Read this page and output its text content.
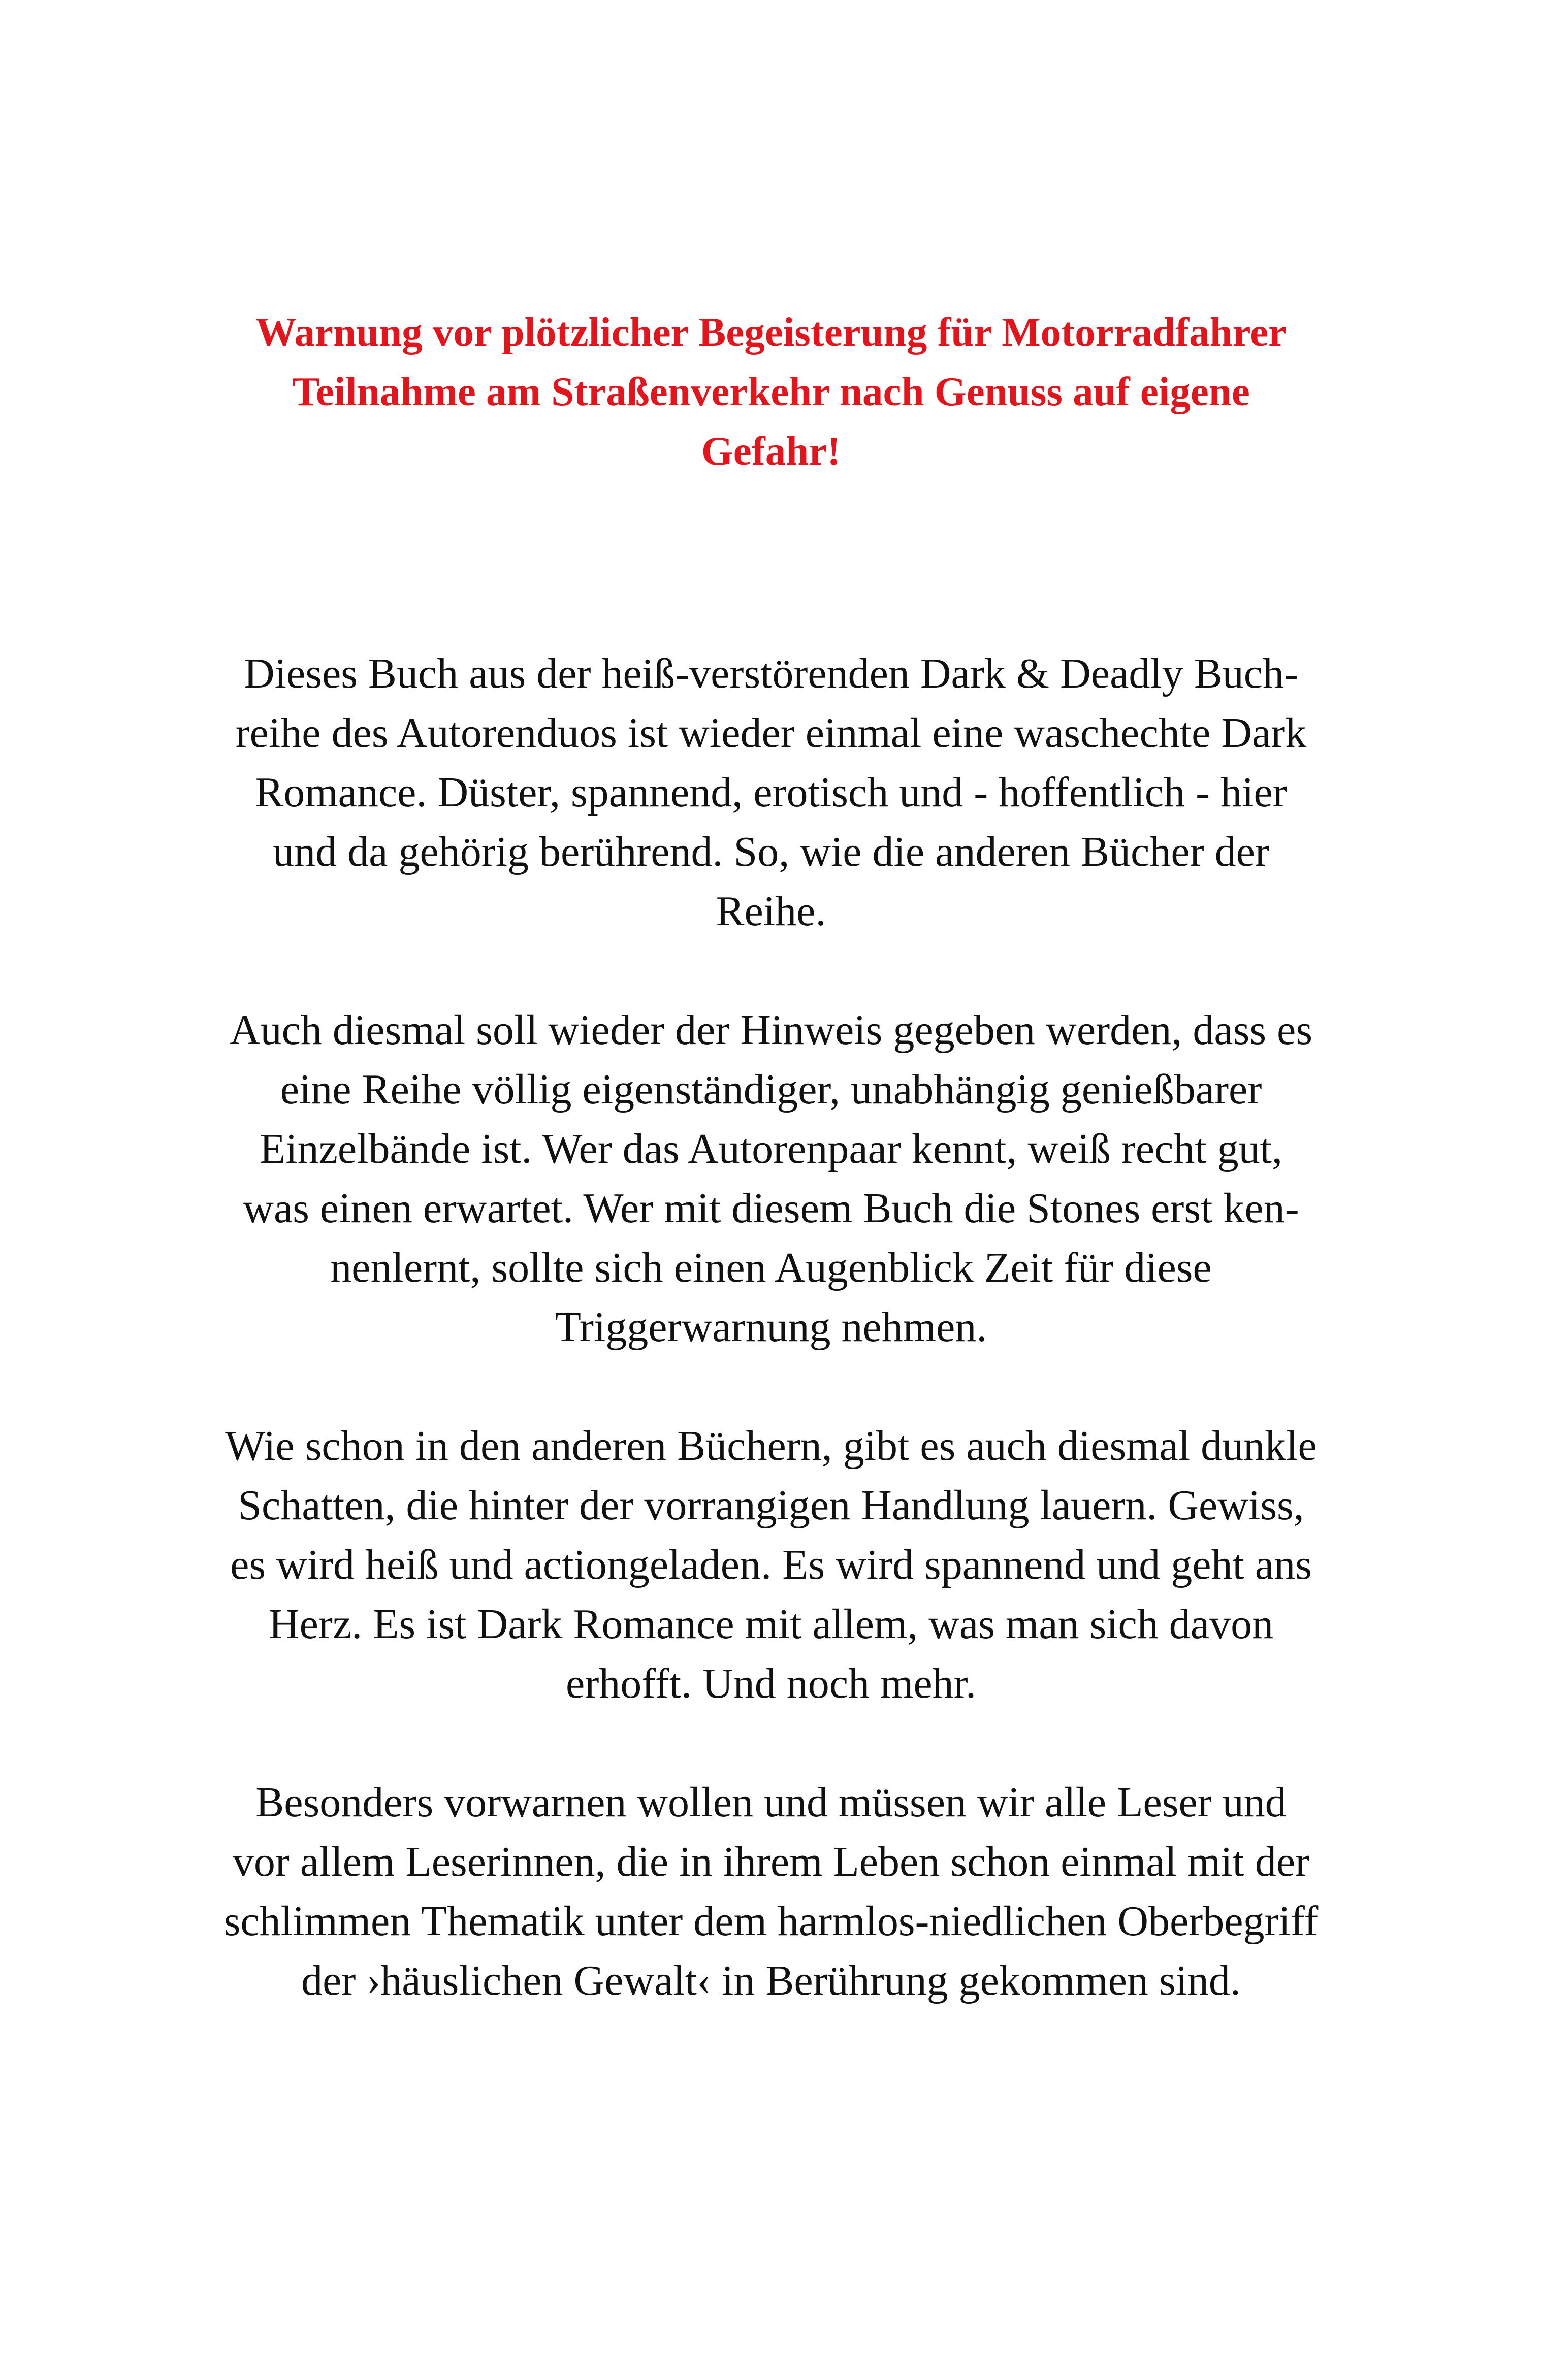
Warnung vor plötzlicher Begeisterung für Motorradfahrer
Teilnahme am Straßenverkehr nach Genuss auf eigene Gefahr!

Dieses Buch aus der heiß-verstörenden Dark & Deadly Buch-reihe des Autorenduos ist wieder einmal eine waschechte Dark Romance. Düster, spannend, erotisch und - hoffentlich - hier und da gehörig berührend. So, wie die anderen Bücher der Reihe.

Auch diesmal soll wieder der Hinweis gegeben werden, dass es eine Reihe völlig eigenständiger, unabhängig genießbarer Einzelbände ist. Wer das Autorenpaar kennt, weiß recht gut, was einen erwartet. Wer mit diesem Buch die Stones erst ken-nenlernt, sollte sich einen Augenblick Zeit für diese Triggerwarnung nehmen.

Wie schon in den anderen Büchern, gibt es auch diesmal dunkle Schatten, die hinter der vorrangigen Handlung lauern. Gewiss, es wird heiß und actiongeladen. Es wird spannend und geht ans Herz. Es ist Dark Romance mit allem, was man sich davon erhofft. Und noch mehr.

Besonders vorwarnen wollen und müssen wir alle Leser und vor allem Leserinnen, die in ihrem Leben schon einmal mit der schlimmen Thematik unter dem harmlos-niedlichen Oberbegriff der ›häuslichen Gewalt‹ in Berührung gekommen sind.
